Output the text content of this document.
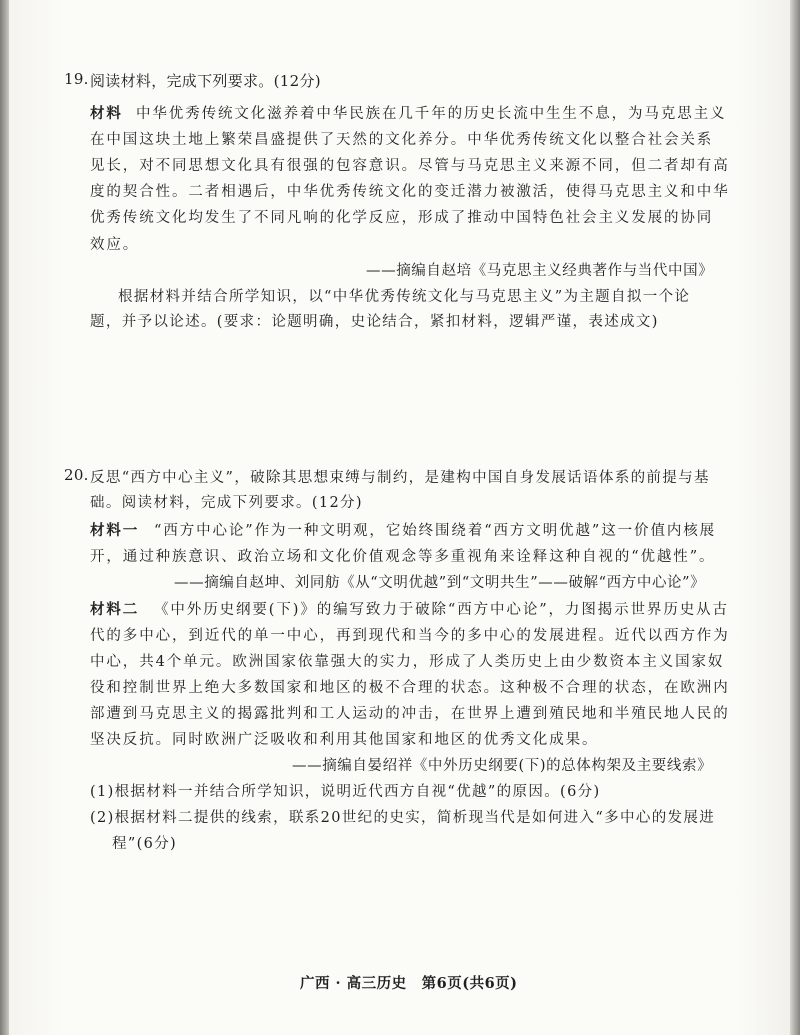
19. 阅读材料，完成下列要求。(12分)
材料 中华优秀传统文化滋养着中华民族在几千年的历史长流中生生不息，为马克思主义
在中国这块土地上繁荣昌盛提供了天然的文化养分。中华优秀传统文化以整合社会关系
见长，对不同思想文化具有很强的包容意识。尽管与马克思主义来源不同，但二者却有高
度的契合性。二者相遇后，中华优秀传统文化的变迁潜力被激活，使得马克思主义和中华
优秀传统文化均发生了不同凡响的化学反应，形成了推动中国特色社会主义发展的协同
效应。
——摘编自赵培《马克思主义经典著作与当代中国》
根据材料并结合所学知识，以“中华优秀传统文化与马克思主义”为主题自拟一个论
题，并予以论述。(要求：论题明确，史论结合，紧扣材料，逻辑严谨，表述成文)
20. 反思“西方中心主义”，破除其思想束缚与制约，是建构中国自身发展话语体系的前提与基
础。阅读材料，完成下列要求。(12分)
材料一 “西方中心论”作为一种文明观，它始终围绕着“西方文明优越”这一价值内核展
开，通过种族意识、政治立场和文化价值观念等多重视角来诠释这种自视的“优越性”。
——摘编自赵坤、刘同舫《从“文明优越”到“文明共生”——破解“西方中心论”》
材料二 《中外历史纲要(下)》的编写致力于破除“西方中心论”，力图揭示世界历史从古
代的多中心，到近代的单一中心，再到现代和当今的多中心的发展进程。近代以西方作为
中心，共4个单元。欧洲国家依靠强大的实力，形成了人类历史上由少数资本主义国家奴
役和控制世界上绝大多数国家和地区的极不合理的状态。这种极不合理的状态，在欧洲内
部遭到马克思主义的揭露批判和工人运动的冲击，在世界上遭到殖民地和半殖民地人民的
坚决反抗。同时欧洲广泛吸收和利用其他国家和地区的优秀文化成果。
——摘编自晏绍祥《中外历史纲要(下)的总体构架及主要线索》
(1)根据材料一并结合所学知识，说明近代西方自视“优越”的原因。(6分)
(2)根据材料二提供的线索，联系20世纪的史实，简析现当代是如何进入“多中心的发展进
程”(6分)
广西 · 高三历史　第6页(共6页)
